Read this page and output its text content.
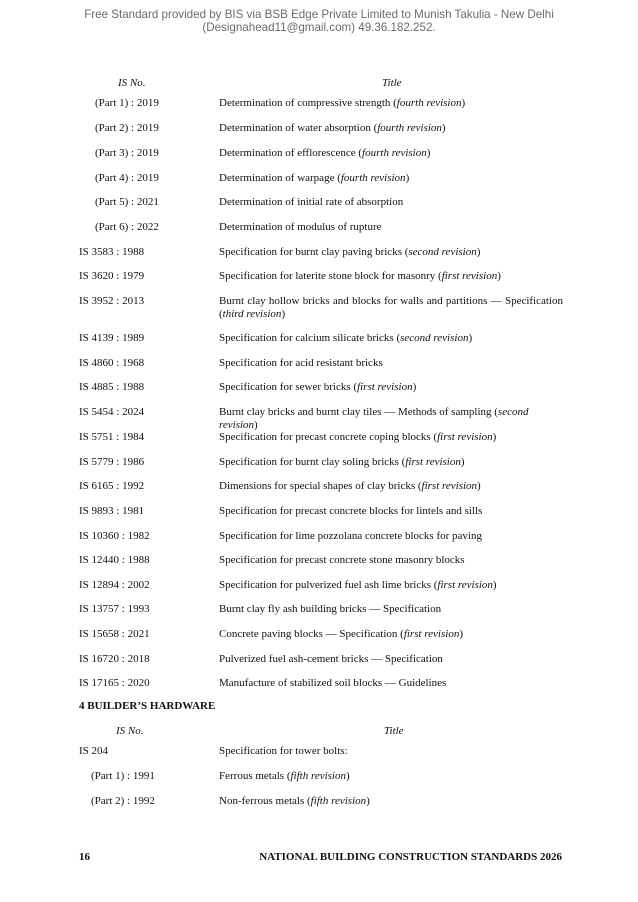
Free Standard provided by BIS via BSB Edge Private Limited to Munish Takulia - New Delhi
(Designahead11@gmail.com) 49.36.182.252.
IS No.	Title
4 BUILDER’S HARDWARE
IS No.	Title
(Part 1) : 2019	Determination of compressive strength (fourth revision)
(Part 2) : 2019	Determination of water absorption (fourth revision)
(Part 3) : 2019	Determination of efflorescence (fourth revision)
(Part 4) : 2019	Determination of warpage (fourth revision)
(Part 5) : 2021	Determination of initial rate of absorption
(Part 6) : 2022	Determination of modulus of rupture
IS 3583 : 1988	Specification for burnt clay paving bricks (second revision)
IS 3620 : 1979	Specification for laterite stone block for masonry (first revision)
IS 3952 : 2013	Burnt clay hollow bricks and blocks for walls and partitions — Specification (third revision)
IS 4139 : 1989	Specification for calcium silicate bricks (second revision)
IS 4860 : 1968	Specification for acid resistant bricks
IS 4885 : 1988	Specification for sewer bricks (first revision)
IS 5454 : 2024	Burnt clay bricks and burnt clay tiles — Methods of sampling (second revision)
IS 5751 : 1984	Specification for precast concrete coping blocks (first revision)
IS 5779 : 1986	Specification for burnt clay soling bricks (first revision)
IS 6165 : 1992	Dimensions for special shapes of clay bricks (first revision)
IS 9893 : 1981	Specification for precast concrete blocks for lintels and sills
IS 10360 : 1982	Specification for lime pozzolana concrete blocks for paving
IS 12440 : 1988	Specification for precast concrete stone masonry blocks
IS 12894 : 2002	Specification for pulverized fuel ash lime bricks (first revision)
IS 13757 : 1993	Burnt clay fly ash building bricks — Specification
IS 15658 : 2021	Concrete paving blocks — Specification (first revision)
IS 16720 : 2018	Pulverized fuel ash-cement bricks — Specification
IS 17165 : 2020	Manufacture of stabilized soil blocks — Guidelines
IS 204	Specification for tower bolts:
(Part 1) : 1991	Ferrous metals (fifth revision)
(Part 2) : 1992	Non-ferrous metals (fifth revision)
16	NATIONAL BUILDING CONSTRUCTION STANDARDS 2026
